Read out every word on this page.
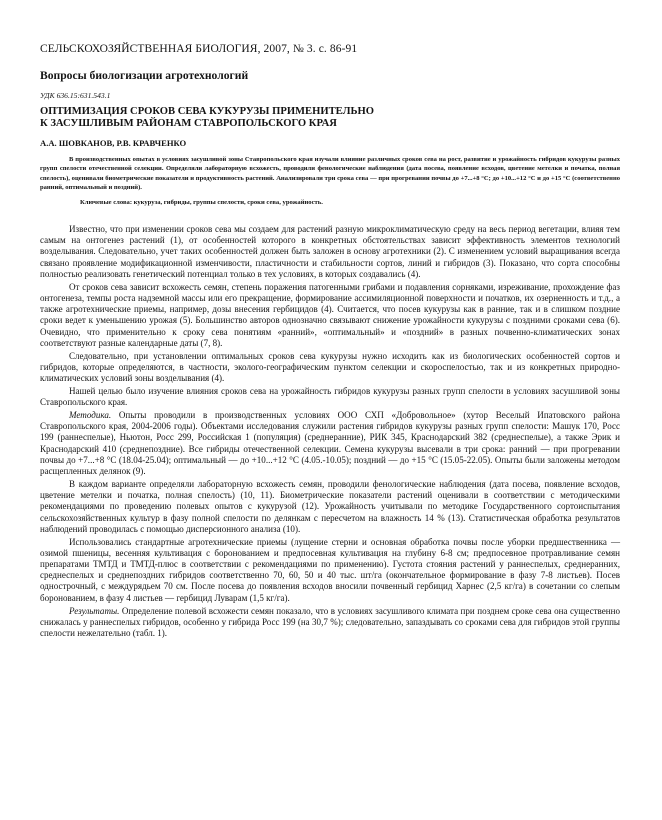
СЕЛЬСКОХОЗЯЙСТВЕННАЯ БИОЛОГИЯ, 2007, № 3. с. 86-91
Вопросы биологизации агротехнологий
УДК 636.15:631.543.1
ОПТИМИЗАЦИЯ СРОКОВ СЕВА КУКУРУЗЫ ПРИМЕНИТЕЛЬНО
К ЗАСУШЛИВЫМ РАЙОНАМ СТАВРОПОЛЬСКОГО КРАЯ
А.А. ШОВКАНОВ, Р.В. КРАВЧЕНКО

В производственных опытах в условиях засушливой зоны Ставропольского края изучали влияние различных сроков сева на рост, развитие и урожайность гибридов кукурузы разных групп спелости отечественной селекции. Определяли лабораторную всхожесть, проводили фенологические наблюдения (дата посева, появление всходов, цветение метелки и початка, полная спелость), оценивали биометрические показатели и продуктивность растений. Анализировали три срока сева — при прогревании почвы до +7...+8 °С; до +10...+12 °С и до +15 °С (соответственно ранний, оптимальный и поздний).

Ключевые слова: кукуруза, гибриды, группы спелости, сроки сева, урожайность.

Известно, что при изменении сроков сева мы создаем для растений разную микроклиматическую среду на весь период вегетации, влияя тем самым на онтогенез растений (1), от особенностей которого в конкретных обстоятельствах зависит эффективность элементов технологий возделывания. Следовательно, учет таких особенностей должен быть заложен в основу агротехники (2). С изменением условий выращивания всегда связано проявление модификационной изменчивости, пластичности и стабильности сортов, линий и гибридов (3). Показано, что сорта способны полностью реализовать генетический потенциал только в тех условиях, в которых создавались (4).

От сроков сева зависит всхожесть семян, степень поражения патогенными грибами и подавления сорняками, изреживание, прохождение фаз онтогенеза, темпы роста надземной массы или его прекращение, формирование ассимиляционной поверхности и початков, их озерненность и т.д., а также агротехнические приемы, например, дозы внесения гербицидов (4). Считается, что посев кукурузы как в ранние, так и в слишком поздние сроки ведет к уменьшению урожая (5). Большинство авторов однозначно связывают снижение урожайности кукурузы с поздними сроками сева (6). Очевидно, что применительно к сроку сева понятиям «ранний», «оптимальный» и «поздний» в разных почвенно-климатических зонах соответствуют разные календарные даты (7, 8).

Следовательно, при установлении оптимальных сроков сева кукурузы нужно исходить как из биологических особенностей сортов и гибридов, которые определяются, в частности, эколого-географическим пунктом селекции и скороспелостью, так и из конкретных природно-климатических условий зоны возделывания (4).

Нашей целью было изучение влияния сроков сева на урожайность гибридов кукурузы разных групп спелости в условиях засушливой зоны Ставропольского края.

Методика. Опыты проводили в производственных условиях ООО СХП «Добровольное» (хутор Веселый Ипатовского района Ставропольского края, 2004-2006 годы). Объектами исследования служили растения гибридов кукурузы разных групп спелости: Машук 170, Росс 199 (раннеспелые), Ньютон, Росс 299, Российская 1 (популяция) (среднеранние), РИК 345, Краснодарский 382 (среднеспелые), а также Эрик и Краснодарский 410 (среднепоздние). Все гибриды отечественной селекции. Семена кукурузы высевали в три срока: ранний — при прогревании почвы до +7...+8 °С (18.04-25.04); оптимальный — до +10...+12 °С (4.05.-10.05); поздний — до +15 °С (15.05-22.05). Опыты были заложены методом расщепленных делянок (9).

В каждом варианте определяли лабораторную всхожесть семян, проводили фенологические наблюдения (дата посева, появление всходов, цветение метелки и початка, полная спелость) (10, 11). Биометрические показатели растений оценивали в соответствии с методическими рекомендациями по проведению полевых опытов с кукурузой (12). Урожайность учитывали по методике Государственного сортоиспытания сельскохозяйственных культур в фазу полной спелости по делянкам с пересчетом на влажность 14 % (13). Статистическая обработка результатов наблюдений проводилась с помощью дисперсионного анализа (10).

Использовались стандартные агротехнические приемы (лущение стерни и основная обработка почвы после уборки предшественника — озимой пшеницы, весенняя культивация с боронованием и предпосевная культивация на глубину 6-8 см; предпосевное протравливание семян препаратами ТМТД и ТМТД-плюс в соответствии с рекомендациями по применению). Густота стояния растений у раннеспелых, среднеранних, среднеспелых и среднепоздних гибридов соответственно 70, 60, 50 и 40 тыс. шт/га (окончательное формирование в фазу 7-8 листьев). Посев однострочный, с междурядьем 70 см. После посева до появления всходов вносили почвенный гербицид Харнес (2,5 кг/га) в сочетании со слепым боронованием, в фазу 4 листьев — гербицид Луварам (1,5 кг/га).

Результаты. Определение полевой всхожести семян показало, что в условиях засушливого климата при позднем сроке сева она существенно снижалась у раннеспелых гибридов, особенно у гибрида Росс 199 (на 30,7 %); следовательно, запаздывать со сроками сева для гибридов этой группы спелости нежелательно (табл. 1).
